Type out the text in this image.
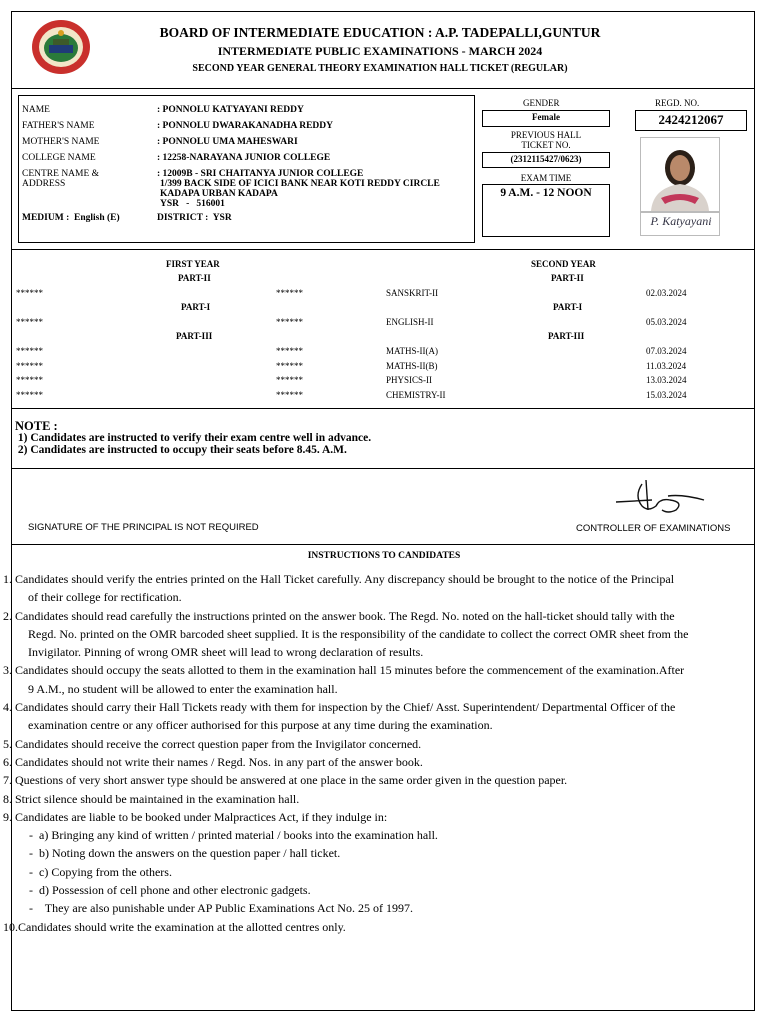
BOARD OF INTERMEDIATE EDUCATION : A.P. TADEPALLI,GUNTUR
INTERMEDIATE PUBLIC EXAMINATIONS - MARCH 2024
SECOND YEAR GENERAL THEORY EXAMINATION HALL TICKET (REGULAR)
NAME	: PONNOLU KATYAYANI REDDY
FATHER'S NAME	: PONNOLU DWARAKANADHA REDDY
MOTHER'S NAME	: PONNOLU UMA MAHESWARI
COLLEGE NAME	: 12258-NARAYANA JUNIOR COLLEGE
CENTRE NAME &
ADDRESS
: 12009B - SRI CHAITANYA JUNIOR COLLEGE
1/399 BACK SIDE OF ICICI BANK NEAR KOTI REDDY CIRCLE
KADAPA URBAN KADAPA
YSR   -   516001
MEDIUM :  English (E)	DISTRICT :  YSR
GENDER
Female
REGD. NO.
2424212067
PREVIOUS HALL
TICKET NO.
(2312115427/0623)
EXAM TIME
9 A.M. - 12 NOON
P. Katyayani
FIRST YEAR	SECOND YEAR
PART-II	PART-II
******	******	SANSKRIT-II	02.03.2024
PART-I	PART-I
******	******	ENGLISH-II	05.03.2024
PART-III	PART-III
******	******	MATHS-II(A)	07.03.2024
******	******	MATHS-II(B)	11.03.2024
******	******	PHYSICS-II	13.03.2024
******	******	CHEMISTRY-II	15.03.2024
NOTE :
1) Candidates are instructed to verify their exam centre well in advance.
2) Candidates are instructed to occupy their seats before 8.45. A.M.
SIGNATURE OF THE PRINCIPAL IS NOT REQUIRED	CONTROLLER OF EXAMINATIONS
INSTRUCTIONS TO CANDIDATES

1. Candidates should verify the entries printed on the Hall Ticket carefully. Any discrepancy should be brought to the notice of the Principal

of their college for rectification.

2. Candidates should read carefully the instructions printed on the answer book. The Regd. No. noted on the hall-ticket should tally with the

Regd. No. printed on the OMR barcoded sheet supplied. It is the responsibility of the candidate to collect the correct OMR sheet from the

Invigilator. Pinning of wrong OMR sheet will lead to wrong declaration of results.

3. Candidates should occupy the seats allotted to them in the examination hall 15 minutes before the commencement of the examination.After

9 A.M., no student will be allowed to enter the examination hall.

4. Candidates should carry their Hall Tickets ready with them for inspection by the Chief/ Asst. Superintendent/ Departmental Officer of the

examination centre or any officer authorised for this purpose at any time during the examination.

5. Candidates should receive the correct question paper from the Invigilator concerned.

6. Candidates should not write their names / Regd. Nos. in any part of the answer book.

7. Questions of very short answer type should be answered at one place in the same order given in the question paper.

8. Strict silence should be maintained in the examination hall.

9. Candidates are liable to be booked under Malpractices Act, if they indulge in:

-  a) Bringing any kind of written / printed material / books into the examination hall.

-  b) Noting down the answers on the question paper / hall ticket.

-  c) Copying from the others.

-  d) Possession of cell phone and other electronic gadgets.

-    They are also punishable under AP Public Examinations Act No. 25 of 1997.

10.Candidates should write the examination at the allotted centres only.
